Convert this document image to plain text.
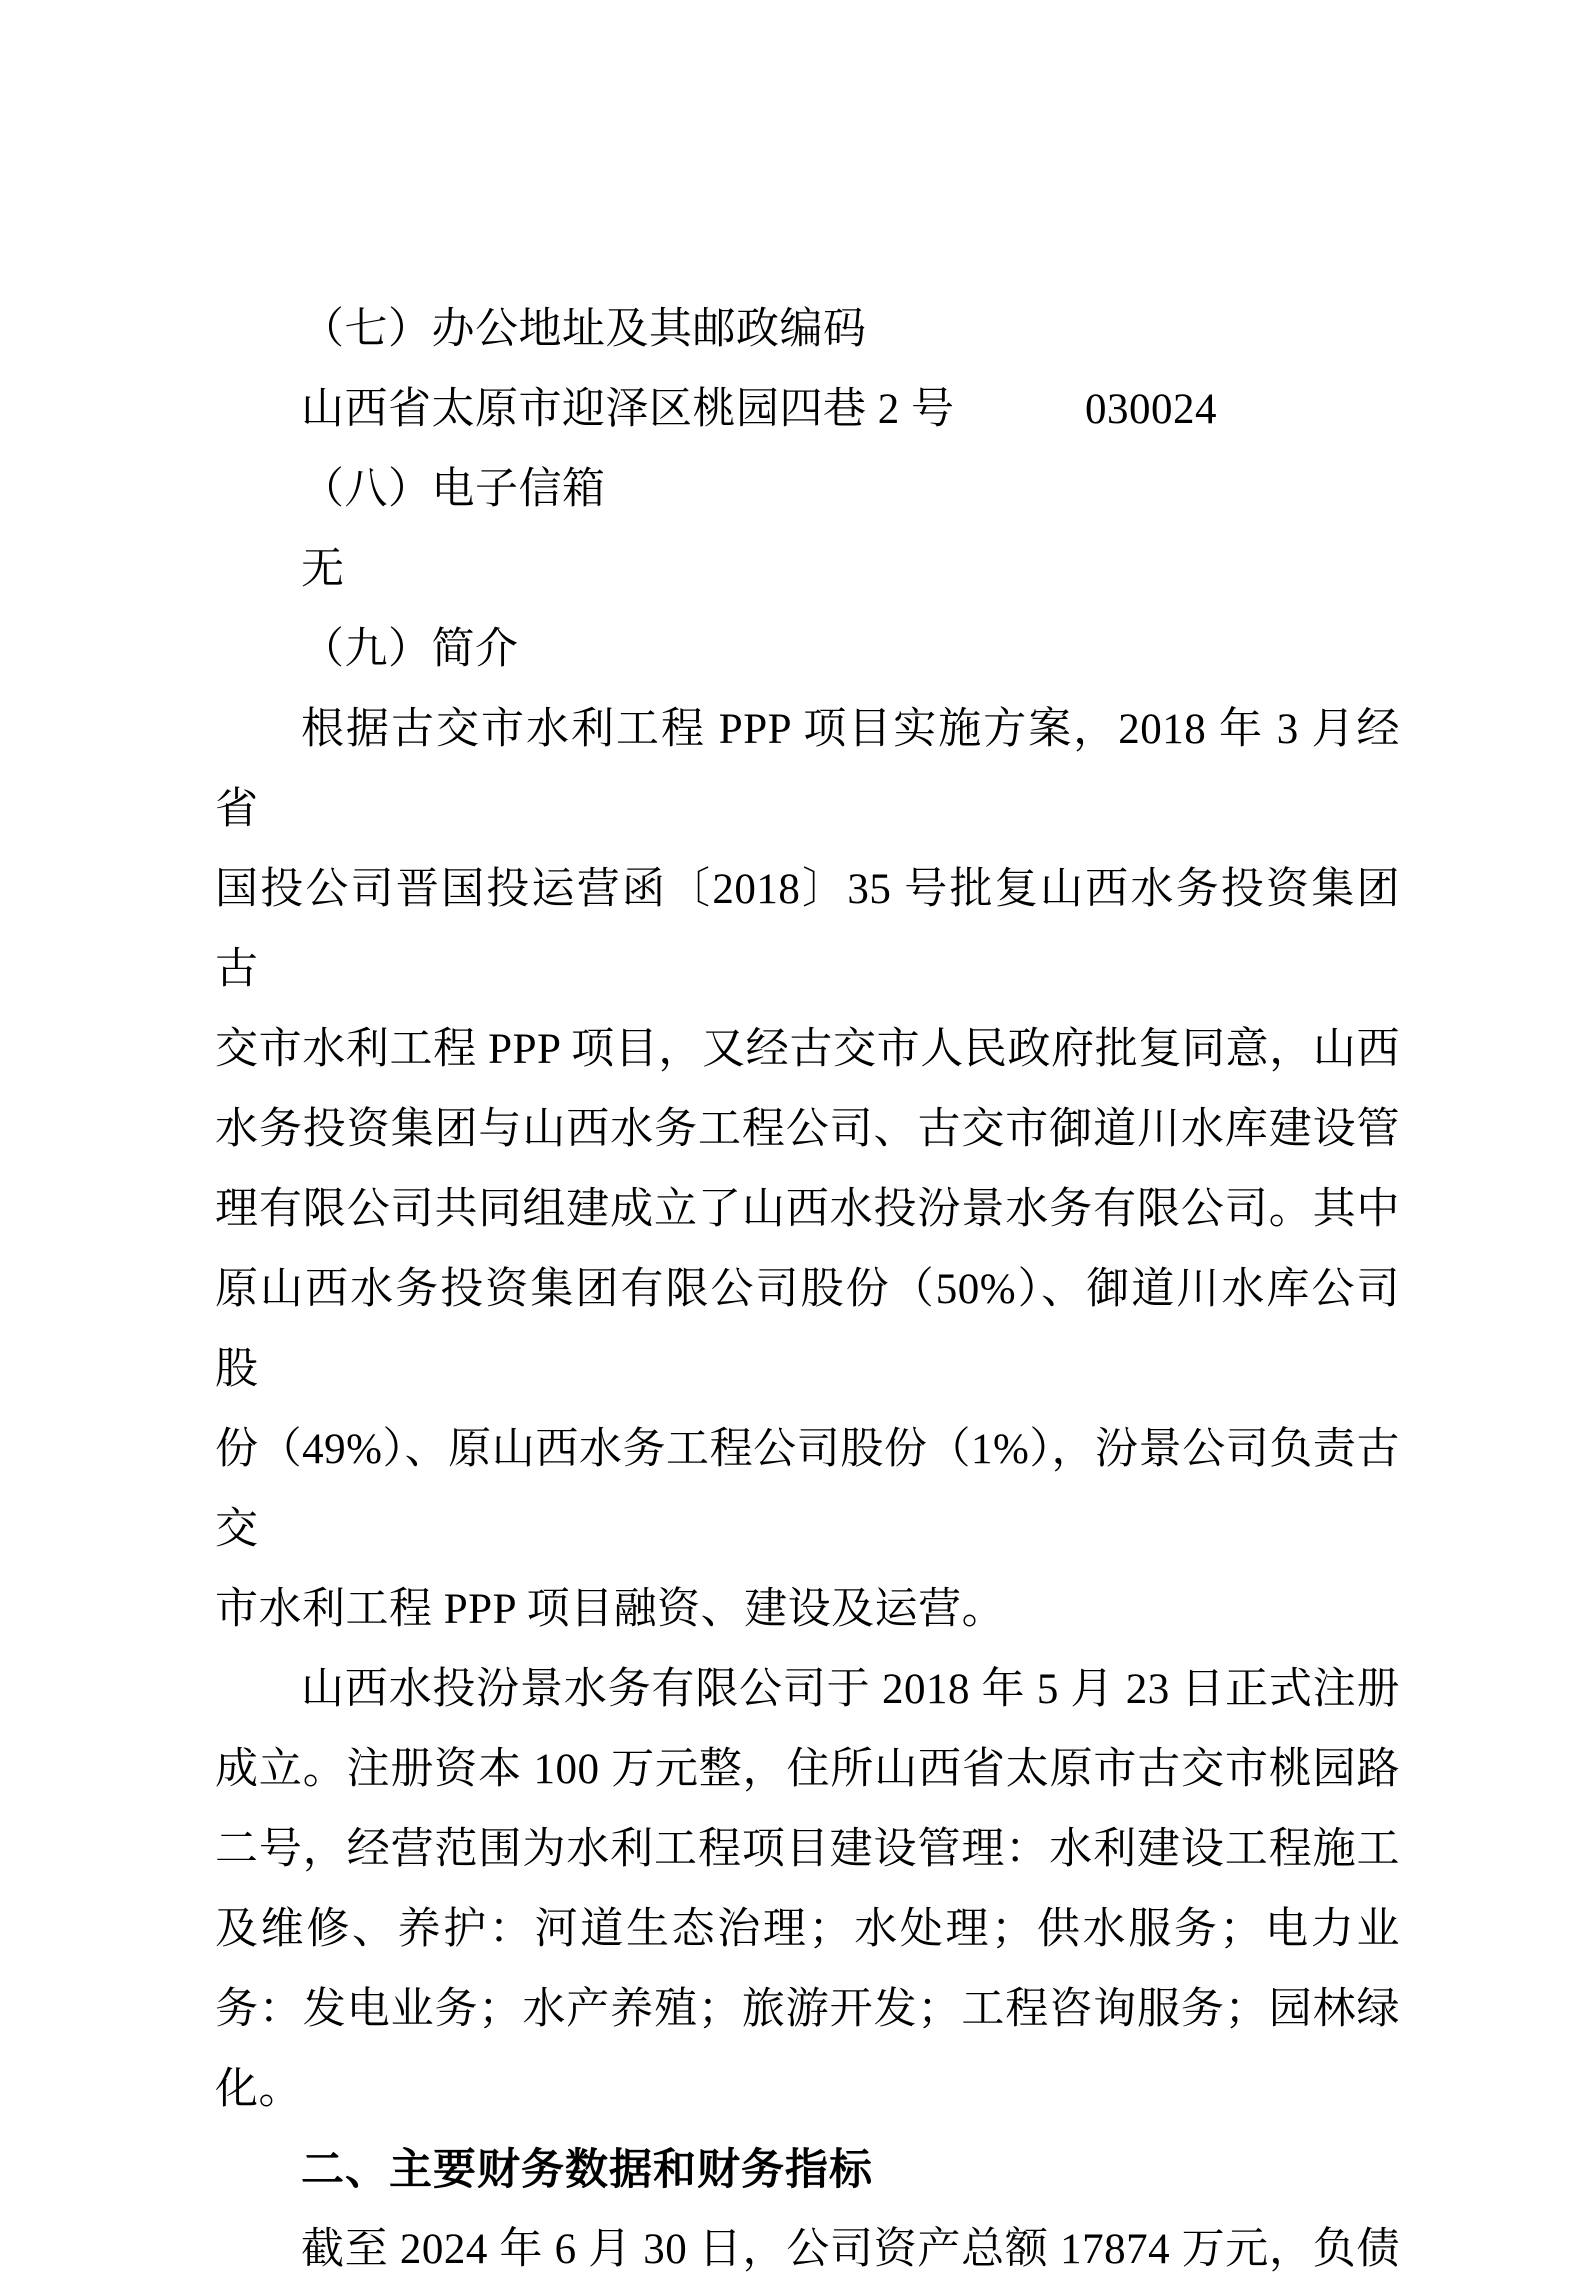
（七）办公地址及其邮政编码
山西省太原市迎泽区桃园四巷 2 号　　　030024
（八）电子信箱
无
（九）简介
根据古交市水利工程 PPP 项目实施方案，2018 年 3 月经省
国投公司晋国投运营函〔2018〕35 号批复山西水务投资集团古
交市水利工程 PPP 项目，又经古交市人民政府批复同意，山西
水务投资集团与山西水务工程公司、古交市御道川水库建设管
理有限公司共同组建成立了山西水投汾景水务有限公司。其中
原山西水务投资集团有限公司股份（50%）、御道川水库公司股
份（49%）、原山西水务工程公司股份（1%），汾景公司负责古交
市水利工程 PPP 项目融资、建设及运营。
山西水投汾景水务有限公司于 2018 年 5 月 23 日正式注册
成立。注册资本 100 万元整，住所山西省太原市古交市桃园路
二号，经营范围为水利工程项目建设管理：水利建设工程施工
及维修、养护：河道生态治理；水处理；供水服务；电力业
务：发电业务；水产养殖；旅游开发；工程咨询服务；园林绿
化。
二、主要财务数据和财务指标
截至 2024 年 6 月 30 日，公司资产总额 17874 万元，负债
